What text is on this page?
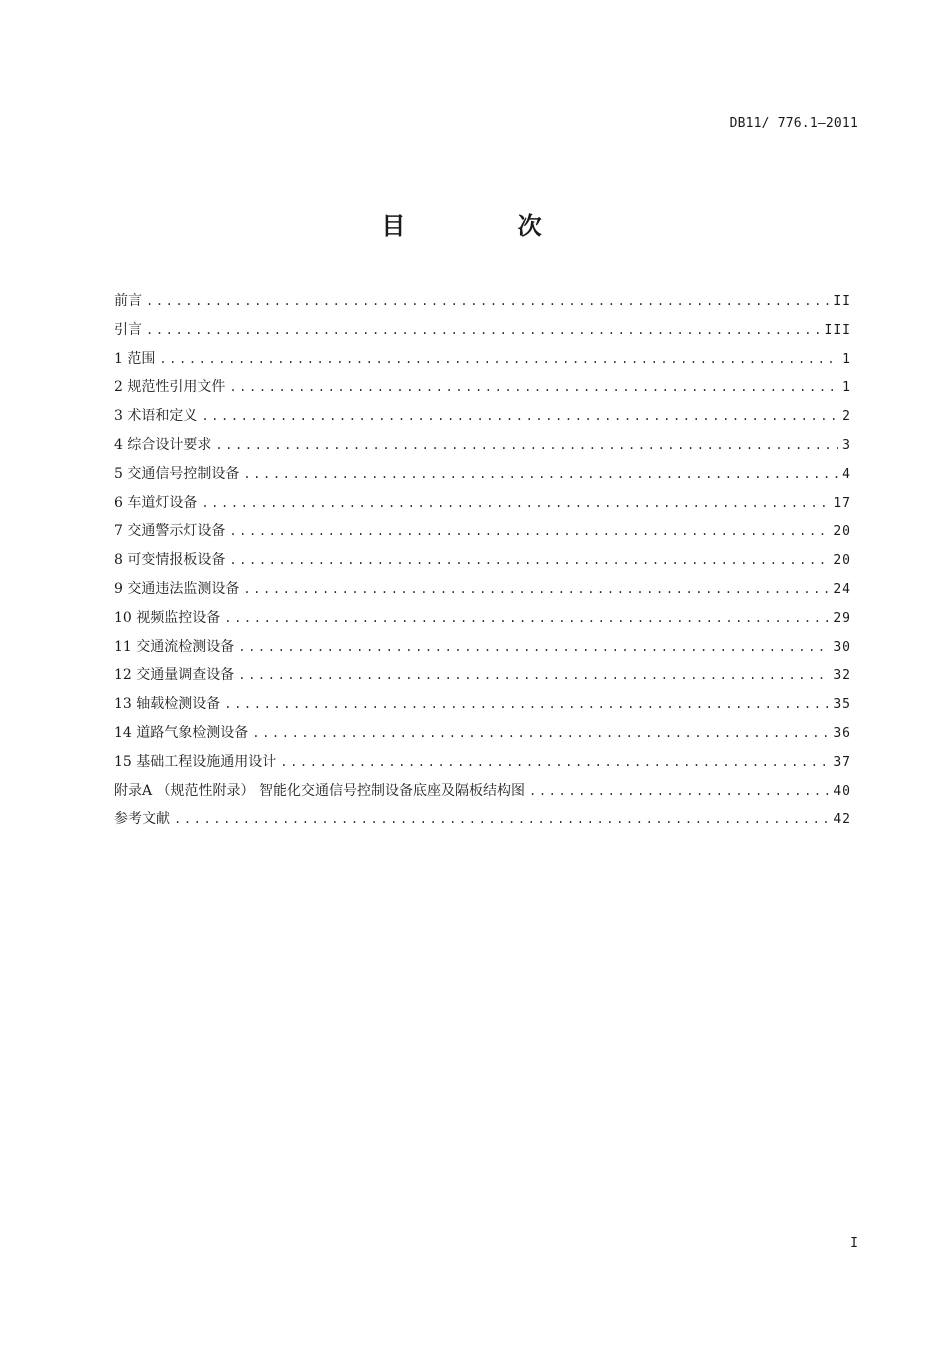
DB11/ 776.1—2011
目 次
前言 .....	II
引言 .....	III
1 范围 .....	1
2 规范性引用文件 .....	1
3 术语和定义 .....	2
4 综合设计要求 .....	3
5 交通信号控制设备 .....	4
6 车道灯设备 .....	17
7 交通警示灯设备 .....	20
8 可变情报板设备 .....	20
9 交通违法监测设备 .....	24
10 视频监控设备 .....	29
11 交通流检测设备 .....	30
12 交通量调查设备 .....	32
13 轴载检测设备 .....	35
14 道路气象检测设备 .....	36
15 基础工程设施通用设计 .....	37
附录A （规范性附录） 智能化交通信号控制设备底座及隔板结构图 .....	40
参考文献 .....	42
I
